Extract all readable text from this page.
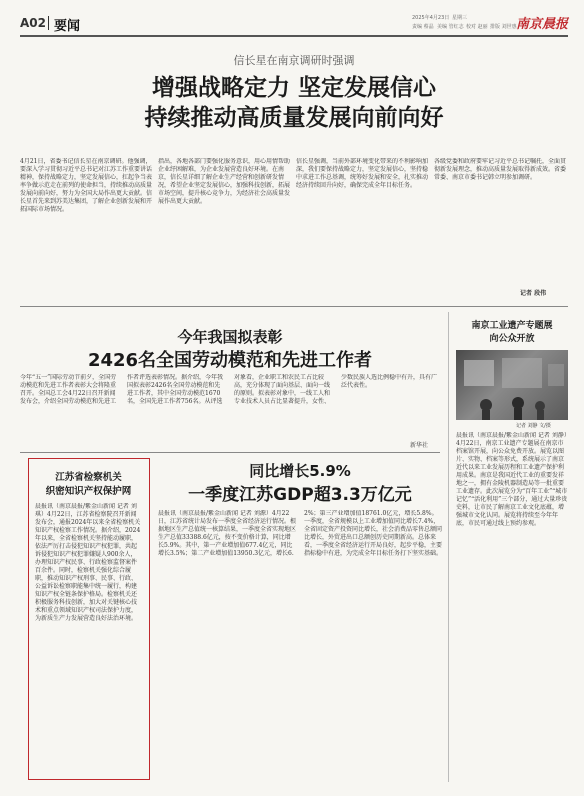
A02 要闻
2025年4月23日 星期三
责编 蔡晶 美编 管红志 校对 赵丽 排版 刘世惠 南京晨报
信长星在南京调研时强调
增强战略定力 坚定发展信心
持续推动高质量发展向前向好
4月21日，省委书记信长星在南京调研。他强调，要深入学习贯彻习近平总书记对江苏工作重要讲话精神，保持战略定力，坚定发展信心，扛起争当表率争做示范走在前列的使命担当，持续推动高质量发展向前向好，努力为全国大局作出更大贡献。信长星首先来到苏美达集团，了解企业创新发展和开拓国际市场情况。
指出，各地各部门要强化服务意识，用心用情帮助企业纾困解难，为企业发展营造良好环境。在南京，信长星详细了解企业生产经营和创新研发情况，希望企业坚定发展信心，加强科技创新，拓展市场空间，提升核心竞争力，为经济社会高质量发展作出更大贡献。
信长星强调，当前外部环境变化带来的不利影响加深，我们要保持战略定力，坚定发展信心，坚持稳中求进工作总基调，统筹好发展和安全，扎实推动经济持续回升向好，确保完成全年目标任务。
各级党委和政府要牢记习近平总书记嘱托，全面贯彻新发展理念，推动高质量发展取得新成效。省委常委、南京市委书记韩立明参加调研。
记者 段伟
今年我国拟表彰
2426名全国劳动模范和先进工作者
今年“五一”国际劳动节前夕，全国劳动模范和先进工作者表彰大会将隆重召开。全国总工会4月22日召开新闻发布会，介绍全国劳动模范和先进工作者评选表彰情况。据介绍，今年我国拟表彰2426名全国劳动模范和先进工作者，其中全国劳动模范1670名，全国先进工作者756名。从评选对象看，企业职工和农民工占比较高，充分体现了面向基层、面向一线的原则。拟表彰对象中，一线工人和专业技术人员占比显著提升，女性、少数民族人选比例稳中有升，具有广泛代表性。
新华社
南京工业遗产专题展
向公众开放
记者 刘静 文/摄
晨报讯（南京晨报/紫金山新闻 记者 刘静）4月22日，南京工业遗产专题展在南京市档案馆开展，向公众免费开放。展览以图片、实物、档案等形式，系统展示了南京近代以来工业发展历程和工业遗产保护利用成果。南京是我国近代工业的重要发祥地之一，拥有金陵机器制造局等一批重要工业遗存。此次展览分为“百年工业”“城市记忆”“活化利用”三个部分，通过大量珍贵史料，让市民了解南京工业文化底蕴，增强城市文化认同。展览将持续至今年年底，市民可通过线上预约参观。
江苏省检察机关
织密知识产权保护网
晨报讯（南京晨报/紫金山新闻 记者 刘琪）4月22日，江苏省检察院召开新闻发布会，通报2024年以来全省检察机关知识产权检察工作情况。据介绍，2024年以来，全省检察机关坚持能动履职，依法严厉打击侵犯知识产权犯罪，共起诉侵犯知识产权犯罪嫌疑人900余人，办理知识产权民事、行政检察监督案件百余件。同时，检察机关强化综合履职，推动知识产权刑事、民事、行政、公益诉讼检察职能集中统一履行，构建知识产权全链条保护格局。检察机关还积极服务科技创新，加大对关键核心技术和重点领域知识产权司法保护力度，为新质生产力发展营造良好法治环境。
同比增长5.9%
一季度江苏GDP超3.3万亿元
晨报讯（南京晨报/紫金山新闻 记者 刘源）4月22日，江苏省统计局发布一季度全省经济运行情况。根据地区生产总值统一核算结果，一季度全省实现地区生产总值33388.6亿元，按不变价格计算，同比增长5.9%。其中，第一产业增加值677.4亿元，同比增长3.5%；第二产业增加值13950.3亿元，增长6.2%；第三产业增加值18761.0亿元，增长5.8%。一季度，全省规模以上工业增加值同比增长7.4%，全省固定资产投资同比增长，社会消费品零售总额同比增长，外贸进出口总额创历史同期新高。总体来看，一季度全省经济运行开局良好，起步平稳，主要指标稳中有进，为完成全年目标任务打下坚实基础。
